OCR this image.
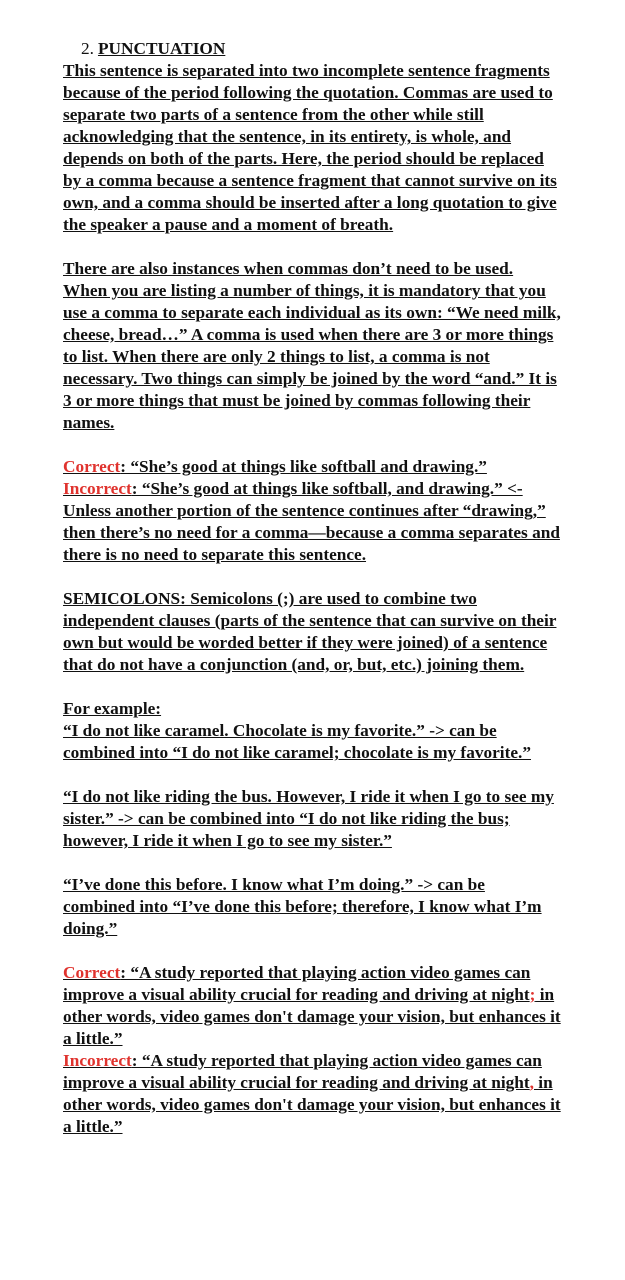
2. PUNCTUATION

This sentence is separated into two incomplete sentence fragments because of the period following the quotation. Commas are used to separate two parts of a sentence from the other while still acknowledging that the sentence, in its entirety, is whole, and depends on both of the parts. Here, the period should be replaced by a comma because a sentence fragment that cannot survive on its own, and a comma should be inserted after a long quotation to give the speaker a pause and a moment of breath.

There are also instances when commas don’t need to be used. When you are listing a number of things, it is mandatory that you use a comma to separate each individual as its own: “We need milk, cheese, bread…” A comma is used when there are 3 or more things to list. When there are only 2 things to list, a comma is not necessary. Two things can simply be joined by the word “and.” It is 3 or more things that must be joined by commas following their names.

Correct: “She’s good at things like softball and drawing.”
Incorrect: “She’s good at things like softball, and drawing.” <- Unless another portion of the sentence continues after “drawing,” then there’s no need for a comma—because a comma separates and there is no need to separate this sentence.

SEMICOLONS: Semicolons (;) are used to combine two independent clauses (parts of the sentence that can survive on their own but would be worded better if they were joined) of a sentence that do not have a conjunction (and, or, but, etc.) joining them.

For example:

“I do not like caramel. Chocolate is my favorite.” -> can be combined into “I do not like caramel; chocolate is my favorite.”

“I do not like riding the bus. However, I ride it when I go to see my sister.” -> can be combined into “I do not like riding the bus; however, I ride it when I go to see my sister.”

“I’ve done this before. I know what I’m doing.” -> can be combined into “I’ve done this before; therefore, I know what I’m doing.”

Correct: “A study reported that playing action video games can improve a visual ability crucial for reading and driving at night; in other words, video games don't damage your vision, but enhances it a little.”
Incorrect: “A study reported that playing action video games can improve a visual ability crucial for reading and driving at night, in other words, video games don't damage your vision, but enhances it a little.”
